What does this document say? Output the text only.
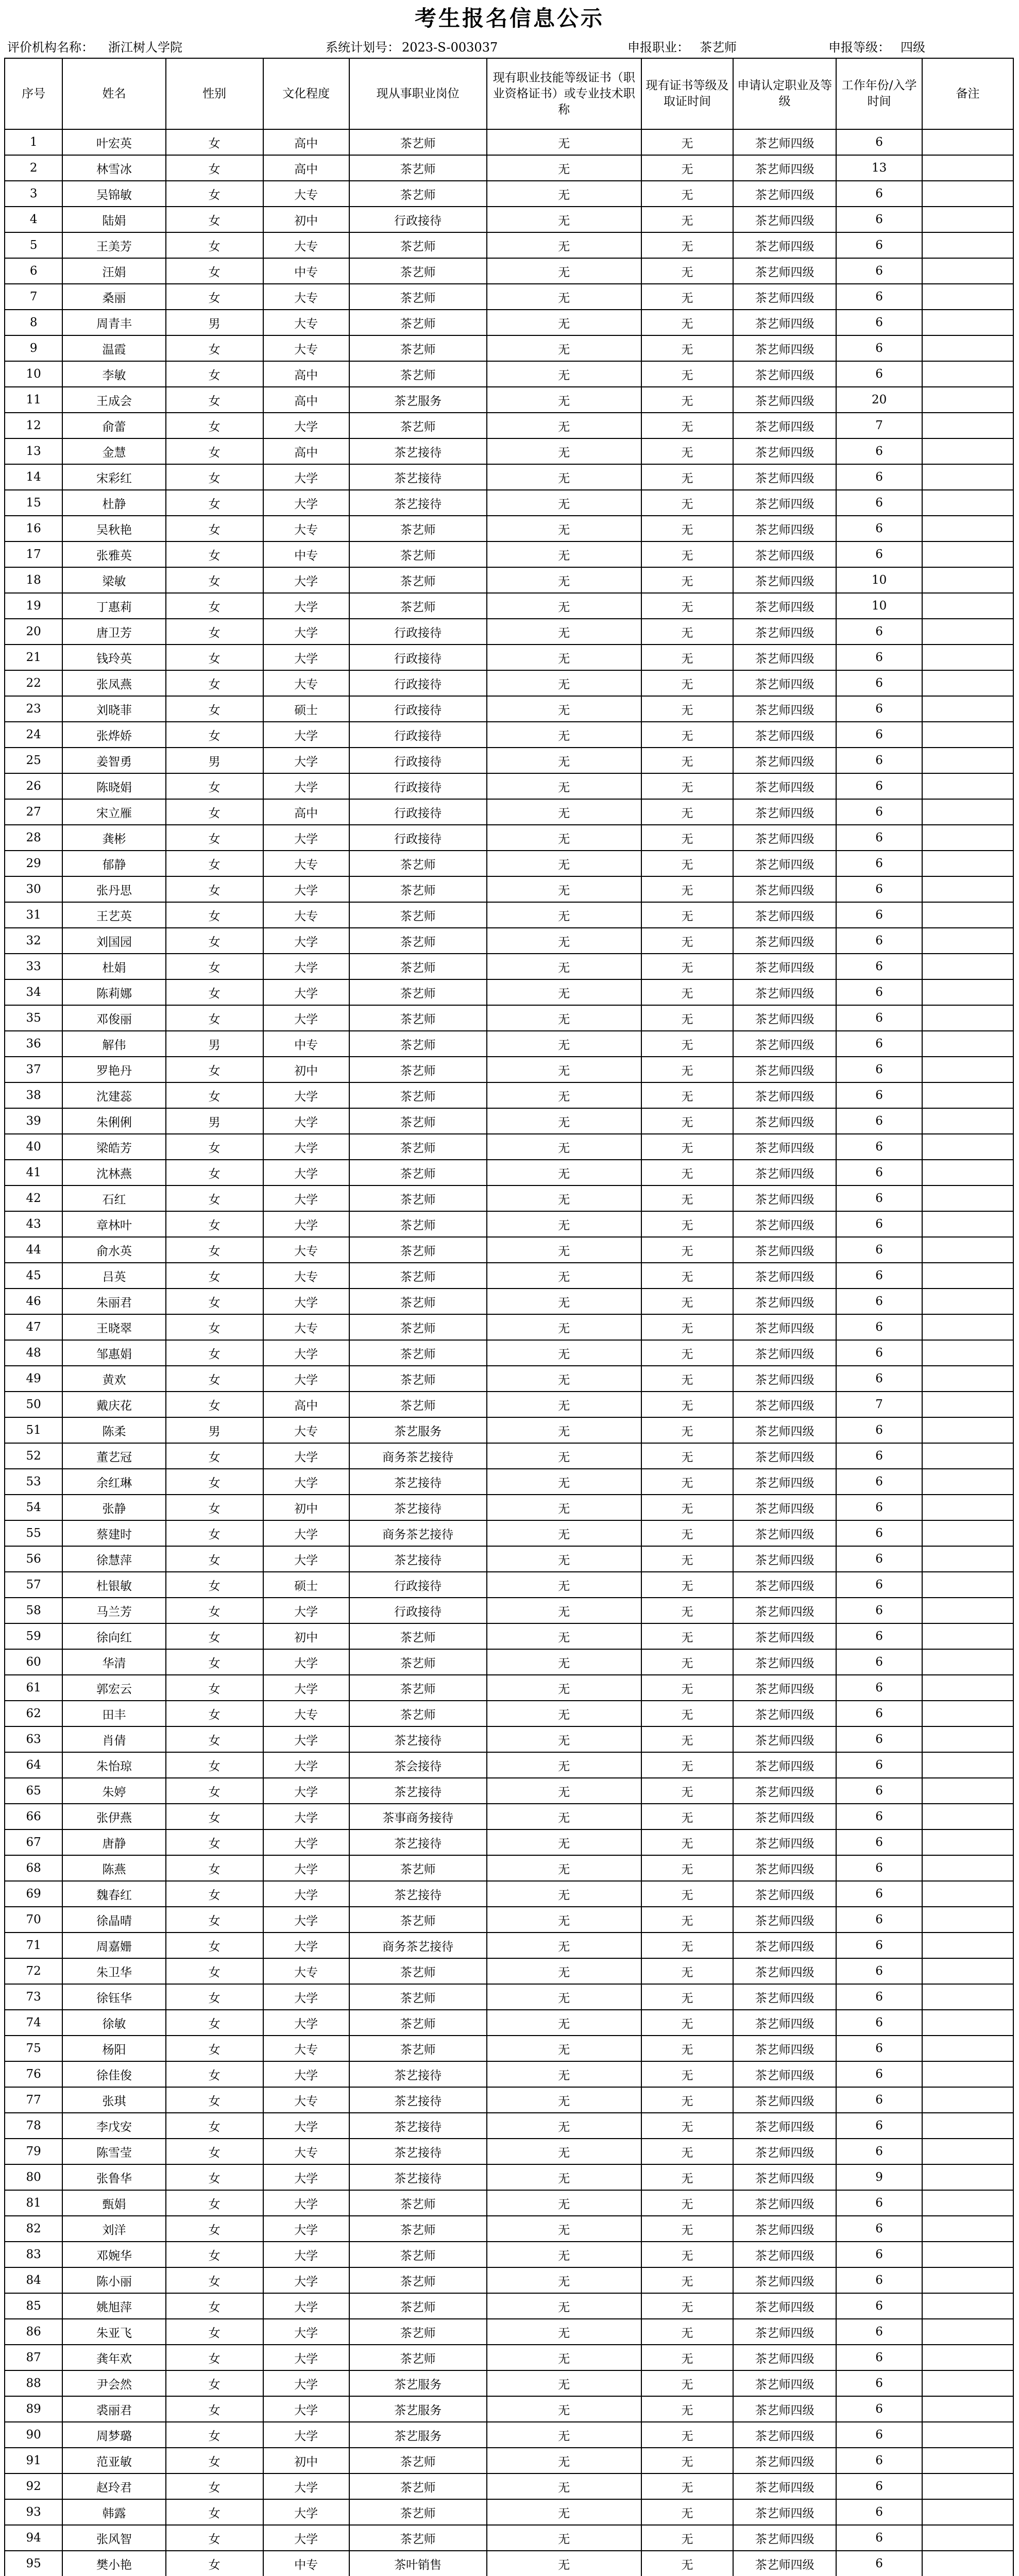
考生报名信息公示
评价机构名称： 浙江树人学院	系统计划号： 2023-S-003037	申报职业： 茶艺师	申报等级： 四级
序号	姓名	性别	文化程度	现从事职业岗位	现有职业技能等级证书（职业资格证书）或专业技术职称	现有证书等级及取证时间	申请认定职业及等级	工作年份/入学时间	备注
1	叶宏英	女	高中	茶艺师	无	无	茶艺师四级	6	
2	林雪冰	女	高中	茶艺师	无	无	茶艺师四级	13	
3	吴锦敏	女	大专	茶艺师	无	无	茶艺师四级	6	
4	陆娟	女	初中	行政接待	无	无	茶艺师四级	6	
5	王美芳	女	大专	茶艺师	无	无	茶艺师四级	6	
6	汪娟	女	中专	茶艺师	无	无	茶艺师四级	6	
7	桑丽	女	大专	茶艺师	无	无	茶艺师四级	6	
8	周青丰	男	大专	茶艺师	无	无	茶艺师四级	6	
9	温霞	女	大专	茶艺师	无	无	茶艺师四级	6	
10	李敏	女	高中	茶艺师	无	无	茶艺师四级	6	
11	王成会	女	高中	茶艺服务	无	无	茶艺师四级	20	
12	俞蕾	女	大学	茶艺师	无	无	茶艺师四级	7	
13	金慧	女	高中	茶艺接待	无	无	茶艺师四级	6	
14	宋彩红	女	大学	茶艺接待	无	无	茶艺师四级	6	
15	杜静	女	大学	茶艺接待	无	无	茶艺师四级	6	
16	吴秋艳	女	大专	茶艺师	无	无	茶艺师四级	6	
17	张雅英	女	中专	茶艺师	无	无	茶艺师四级	6	
18	梁敏	女	大学	茶艺师	无	无	茶艺师四级	10	
19	丁惠莉	女	大学	茶艺师	无	无	茶艺师四级	10	
20	唐卫芳	女	大学	行政接待	无	无	茶艺师四级	6	
21	钱玲英	女	大学	行政接待	无	无	茶艺师四级	6	
22	张凤燕	女	大专	行政接待	无	无	茶艺师四级	6	
23	刘晓菲	女	硕士	行政接待	无	无	茶艺师四级	6	
24	张烨娇	女	大学	行政接待	无	无	茶艺师四级	6	
25	姜智勇	男	大学	行政接待	无	无	茶艺师四级	6	
26	陈晓娟	女	大学	行政接待	无	无	茶艺师四级	6	
27	宋立雁	女	高中	行政接待	无	无	茶艺师四级	6	
28	龚彬	女	大学	行政接待	无	无	茶艺师四级	6	
29	郁静	女	大专	茶艺师	无	无	茶艺师四级	6	
30	张丹思	女	大学	茶艺师	无	无	茶艺师四级	6	
31	王艺英	女	大专	茶艺师	无	无	茶艺师四级	6	
32	刘国园	女	大学	茶艺师	无	无	茶艺师四级	6	
33	杜娟	女	大学	茶艺师	无	无	茶艺师四级	6	
34	陈莉娜	女	大学	茶艺师	无	无	茶艺师四级	6	
35	邓俊丽	女	大学	茶艺师	无	无	茶艺师四级	6	
36	解伟	男	中专	茶艺师	无	无	茶艺师四级	6	
37	罗艳丹	女	初中	茶艺师	无	无	茶艺师四级	6	
38	沈建蕊	女	大学	茶艺师	无	无	茶艺师四级	6	
39	朱俐俐	男	大学	茶艺师	无	无	茶艺师四级	6	
40	梁皓芳	女	大学	茶艺师	无	无	茶艺师四级	6	
41	沈林燕	女	大学	茶艺师	无	无	茶艺师四级	6	
42	石红	女	大学	茶艺师	无	无	茶艺师四级	6	
43	章林叶	女	大学	茶艺师	无	无	茶艺师四级	6	
44	俞水英	女	大专	茶艺师	无	无	茶艺师四级	6	
45	吕英	女	大专	茶艺师	无	无	茶艺师四级	6	
46	朱丽君	女	大学	茶艺师	无	无	茶艺师四级	6	
47	王晓翠	女	大专	茶艺师	无	无	茶艺师四级	6	
48	邹惠娟	女	大学	茶艺师	无	无	茶艺师四级	6	
49	黄欢	女	大学	茶艺师	无	无	茶艺师四级	6	
50	戴庆花	女	高中	茶艺师	无	无	茶艺师四级	7	
51	陈柔	男	大专	茶艺服务	无	无	茶艺师四级	6	
52	董艺冠	女	大学	商务茶艺接待	无	无	茶艺师四级	6	
53	余红琳	女	大学	茶艺接待	无	无	茶艺师四级	6	
54	张静	女	初中	茶艺接待	无	无	茶艺师四级	6	
55	蔡建时	女	大学	商务茶艺接待	无	无	茶艺师四级	6	
56	徐慧萍	女	大学	茶艺接待	无	无	茶艺师四级	6	
57	杜银敏	女	硕士	行政接待	无	无	茶艺师四级	6	
58	马兰芳	女	大学	行政接待	无	无	茶艺师四级	6	
59	徐向红	女	初中	茶艺师	无	无	茶艺师四级	6	
60	华清	女	大学	茶艺师	无	无	茶艺师四级	6	
61	郭宏云	女	大学	茶艺师	无	无	茶艺师四级	6	
62	田丰	女	大专	茶艺师	无	无	茶艺师四级	6	
63	肖倩	女	大学	茶艺接待	无	无	茶艺师四级	6	
64	朱怡琼	女	大学	茶会接待	无	无	茶艺师四级	6	
65	朱婷	女	大学	茶艺接待	无	无	茶艺师四级	6	
66	张伊燕	女	大学	茶事商务接待	无	无	茶艺师四级	6	
67	唐静	女	大学	茶艺接待	无	无	茶艺师四级	6	
68	陈燕	女	大学	茶艺师	无	无	茶艺师四级	6	
69	魏春红	女	大学	茶艺接待	无	无	茶艺师四级	6	
70	徐晶晴	女	大学	茶艺师	无	无	茶艺师四级	6	
71	周嘉姗	女	大学	商务茶艺接待	无	无	茶艺师四级	6	
72	朱卫华	女	大专	茶艺师	无	无	茶艺师四级	6	
73	徐钰华	女	大学	茶艺师	无	无	茶艺师四级	6	
74	徐敏	女	大学	茶艺师	无	无	茶艺师四级	6	
75	杨阳	女	大专	茶艺师	无	无	茶艺师四级	6	
76	徐佳俊	女	大学	茶艺接待	无	无	茶艺师四级	6	
77	张琪	女	大专	茶艺接待	无	无	茶艺师四级	6	
78	李戊安	女	大学	茶艺接待	无	无	茶艺师四级	6	
79	陈雪莹	女	大专	茶艺接待	无	无	茶艺师四级	6	
80	张鲁华	女	大学	茶艺接待	无	无	茶艺师四级	9	
81	甄娟	女	大学	茶艺师	无	无	茶艺师四级	6	
82	刘洋	女	大学	茶艺师	无	无	茶艺师四级	6	
83	邓婉华	女	大学	茶艺师	无	无	茶艺师四级	6	
84	陈小丽	女	大学	茶艺师	无	无	茶艺师四级	6	
85	姚旭萍	女	大学	茶艺师	无	无	茶艺师四级	6	
86	朱亚飞	女	大学	茶艺师	无	无	茶艺师四级	6	
87	龚年欢	女	大学	茶艺师	无	无	茶艺师四级	6	
88	尹会然	女	大学	茶艺服务	无	无	茶艺师四级	6	
89	裘丽君	女	大学	茶艺服务	无	无	茶艺师四级	6	
90	周梦璐	女	大学	茶艺服务	无	无	茶艺师四级	6	
91	范亚敏	女	初中	茶艺师	无	无	茶艺师四级	6	
92	赵玲君	女	大学	茶艺师	无	无	茶艺师四级	6	
93	韩露	女	大学	茶艺师	无	无	茶艺师四级	6	
94	张风智	女	大学	茶艺师	无	无	茶艺师四级	6	
95	樊小艳	女	中专	茶叶销售	无	无	茶艺师四级	6	
